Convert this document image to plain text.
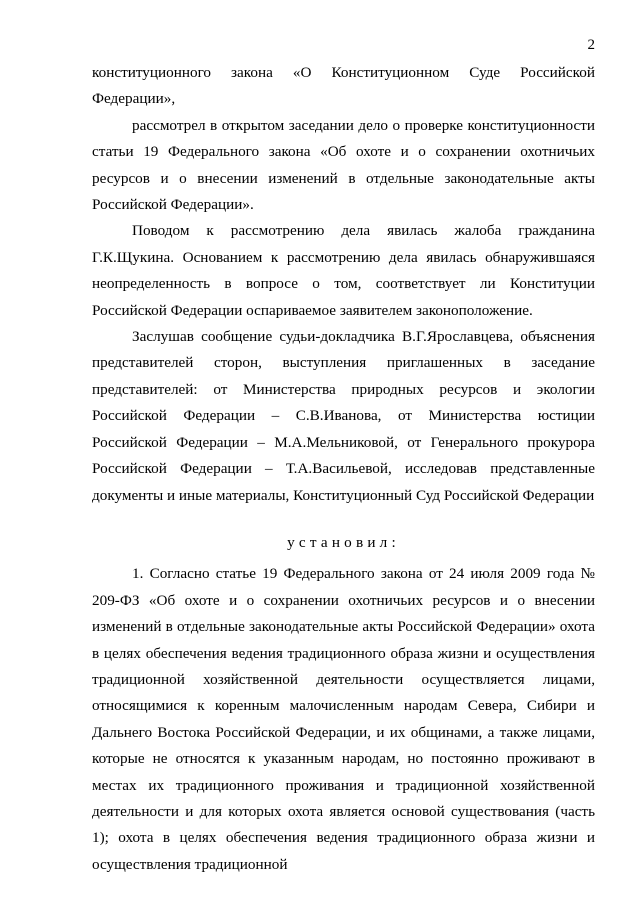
2

конституционного закона «О Конституционном Суде Российской Федерации»,

рассмотрел в открытом заседании дело о проверке конституционности статьи 19 Федерального закона «Об охоте и о сохранении охотничьих ресурсов и о внесении изменений в отдельные законодательные акты Российской Федерации».

Поводом к рассмотрению дела явилась жалоба гражданина Г.К.Щукина. Основанием к рассмотрению дела явилась обнаружившаяся неопределенность в вопросе о том, соответствует ли Конституции Российской Федерации оспариваемое заявителем законоположение.

Заслушав сообщение судьи-докладчика В.Г.Ярославцева, объяснения представителей сторон, выступления приглашенных в заседание представителей: от Министерства природных ресурсов и экологии Российской Федерации – С.В.Иванова, от Министерства юстиции Российской Федерации – М.А.Мельниковой, от Генерального прокурора Российской Федерации – Т.А.Васильевой, исследовав представленные документы и иные материалы, Конституционный Суд Российской Федерации

установил:

1. Согласно статье 19 Федерального закона от 24 июля 2009 года № 209-ФЗ «Об охоте и о сохранении охотничьих ресурсов и о внесении изменений в отдельные законодательные акты Российской Федерации» охота в целях обеспечения ведения традиционного образа жизни и осуществления традиционной хозяйственной деятельности осуществляется лицами, относящимися к коренным малочисленным народам Севера, Сибири и Дальнего Востока Российской Федерации, и их общинами, а также лицами, которые не относятся к указанным народам, но постоянно проживают в местах их традиционного проживания и традиционной хозяйственной деятельности и для которых охота является основой существования (часть 1); охота в целях обеспечения ведения традиционного образа жизни и осуществления традиционной
